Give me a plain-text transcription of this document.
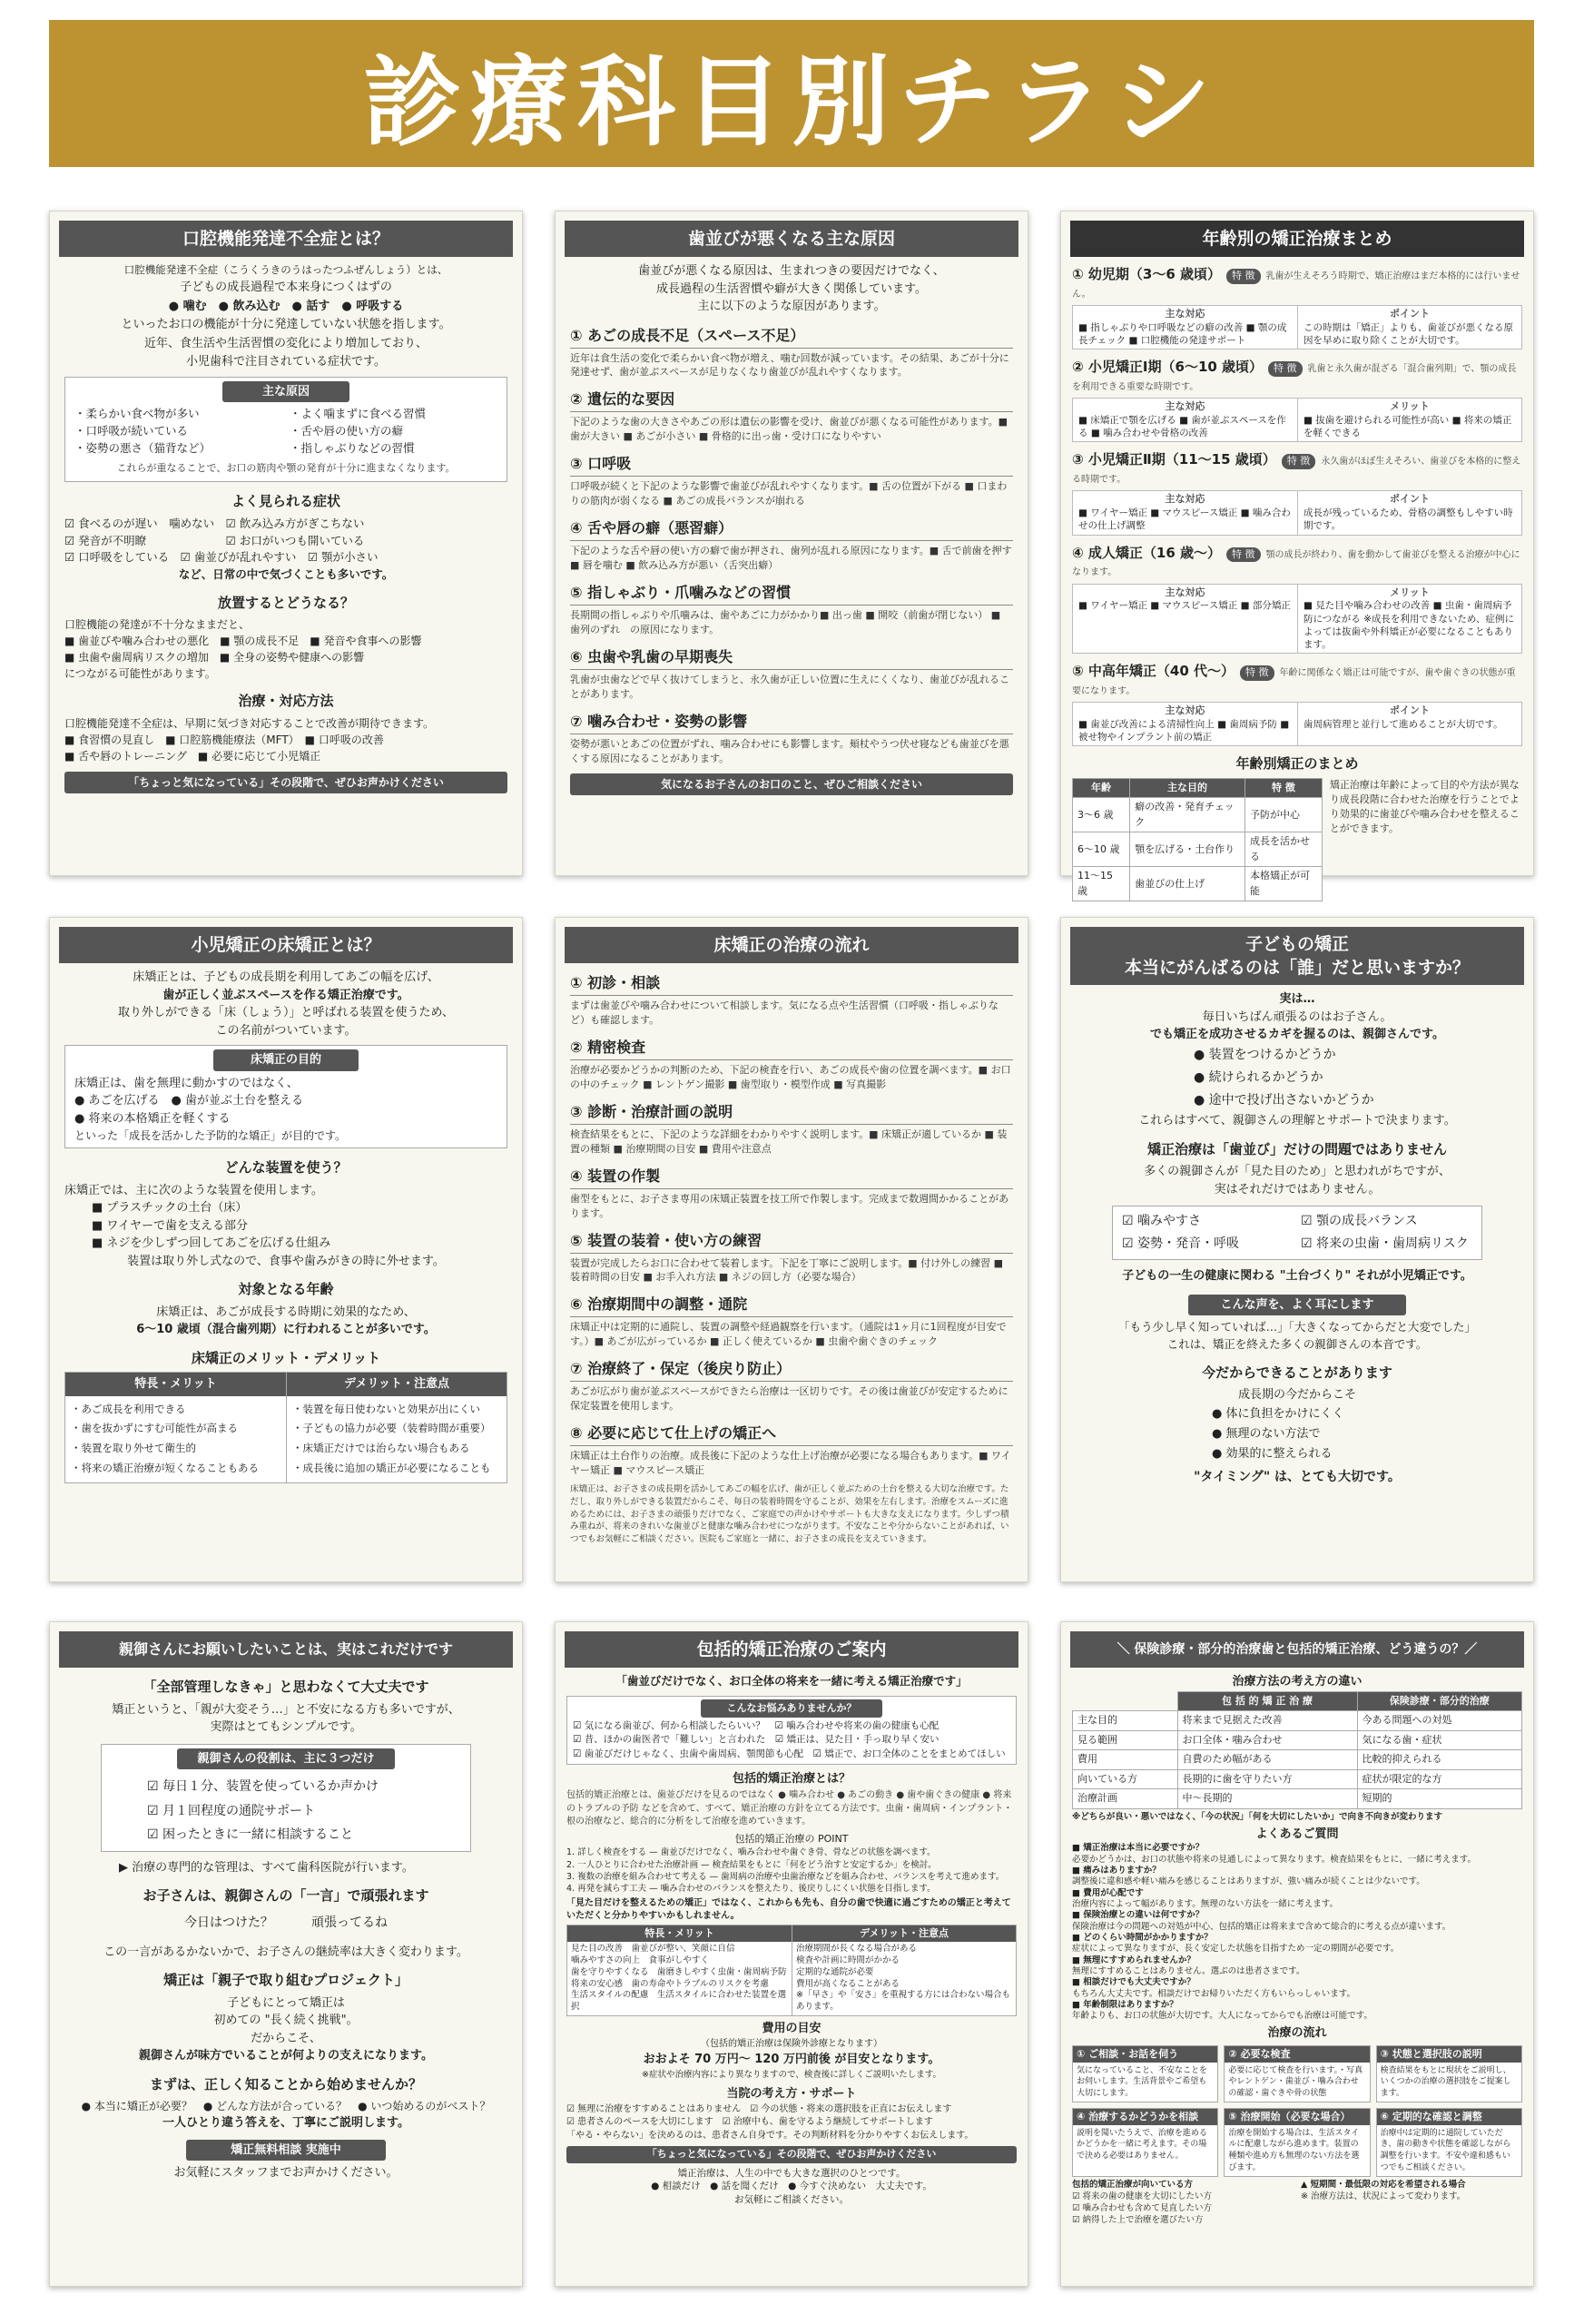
診療科目別チラシ
口腔機能発達不全症とは？
口腔機能発達不全症（こうくうきのうはったつふぜんしょう）とは、
子どもの成長過程で本来身につくはずの
● 噛む　● 飲み込む　● 話す　● 呼吸する
といったお口の機能が十分に発達していない状態を指します。
近年、食生活や生活習慣の変化により増加しており、
小児歯科で注目されている症状です。
主な原因
・柔らかい食べ物が多い	・よく噛まずに食べる習慣
・口呼吸が続いている	・舌や唇の使い方の癖
・姿勢の悪さ（猫背など）	・指しゃぶりなどの習慣
これらが重なることで、お口の筋肉や顎の発育が十分に進まなくなります。
よく見られる症状
☑ 食べるのが遅い　噛めない　☑ 飲み込み方がぎこちない
☑ 発音が不明瞭　　　　　　　☑ お口がいつも開いている
☑ 口呼吸をしている　☑ 歯並びが乱れやすい　☑ 顎が小さい
など、日常の中で気づくことも多いです。
放置するとどうなる？
口腔機能の発達が不十分なままだと、
■ 歯並びや噛み合わせの悪化　■ 顎の成長不足　■ 発音や食事への影響
■ 虫歯や歯周病リスクの増加　■ 全身の姿勢や健康への影響
につながる可能性があります。
治療・対応方法
口腔機能発達不全症は、早期に気づき対応することで改善が期待できます。
■ 食習慣の見直し　■ 口腔筋機能療法（MFT）　■ 口呼吸の改善
■ 舌や唇のトレーニング　■ 必要に応じて小児矯正
「ちょっと気になっている」その段階で、ぜひお声かけください
歯並びが悪くなる主な原因
歯並びが悪くなる原因は、生まれつきの要因だけでなく、
成長過程の生活習慣や癖が大きく関係しています。
主に以下のような原因があります。
① あごの成長不足（スペース不足）
近年は食生活の変化で柔らかい食べ物が増え、噛む回数が減っています。その結果、あごが十分に発達せず、歯が並ぶスペースが足りなくなり歯並びが乱れやすくなります。
② 遺伝的な要因
下記のような歯の大きさやあごの形は遺伝の影響を受け、歯並びが悪くなる可能性があります。■ 歯が大きい ■ あごが小さい ■ 骨格的に出っ歯・受け口になりやすい
③ 口呼吸
口呼吸が続くと下記のような影響で歯並びが乱れやすくなります。■ 舌の位置が下がる ■ 口まわりの筋肉が弱くなる ■ あごの成長バランスが崩れる
④ 舌や唇の癖（悪習癖）
下記のような舌や唇の使い方の癖で歯が押され、歯列が乱れる原因になります。■ 舌で前歯を押す ■ 唇を噛む ■ 飲み込み方が悪い（舌突出癖）
⑤ 指しゃぶり・爪噛みなどの習慣
長期間の指しゃぶりや爪噛みは、歯やあごに力がかかり■ 出っ歯 ■ 開咬（前歯が閉じない） ■ 歯列のずれ　の原因になります。
⑥ 虫歯や乳歯の早期喪失
乳歯が虫歯などで早く抜けてしまうと、永久歯が正しい位置に生えにくくなり、歯並びが乱れることがあります。
⑦ 噛み合わせ・姿勢の影響
姿勢が悪いとあごの位置がずれ、噛み合わせにも影響します。頬杖やうつ伏せ寝なども歯並びを悪くする原因になることがあります。
気になるお子さんのお口のこと、ぜひご相談ください
年齢別の矯正治療まとめ
① 幼児期（3〜6 歳頃） 特 徴 乳歯が生えそろう時期で、矯正治療はまだ本格的には行いません。
主な対応
■ 指しゃぶりや口呼吸などの癖の改善 ■ 顎の成長チェック ■ 口腔機能の発達サポート
ポイント
この時期は「矯正」よりも、歯並びが悪くなる原因を早めに取り除くことが大切です。
② 小児矯正Ⅰ期（6〜10 歳頃） 特 徴 乳歯と永久歯が混ざる「混合歯列期」で、顎の成長を利用できる重要な時期です。
主な対応
■ 床矯正で顎を広げる ■ 歯が並ぶスペースを作る ■ 噛み合わせや骨格の改善
メリット
■ 抜歯を避けられる可能性が高い ■ 将来の矯正を軽くできる
③ 小児矯正Ⅱ期（11〜15 歳頃） 特 徴 永久歯がほぼ生えそろい、歯並びを本格的に整える時期です。
主な対応
■ ワイヤー矯正 ■ マウスピース矯正 ■ 噛み合わせの仕上げ調整
ポイント
成長が残っているため、骨格の調整もしやすい時期です。
④ 成人矯正（16 歳〜） 特 徴 顎の成長が終わり、歯を動かして歯並びを整える治療が中心になります。
主な対応
■ ワイヤー矯正 ■ マウスピース矯正 ■ 部分矯正
メリット
■ 見た目や噛み合わせの改善 ■ 虫歯・歯周病予防につながる ※成長を利用できないため、症例によっては抜歯や外科矯正が必要になることもあります。
⑤ 中高年矯正（40 代〜） 特 徴 年齢に関係なく矯正は可能ですが、歯や歯ぐきの状態が重要になります。
主な対応
■ 歯並び改善による清掃性向上 ■ 歯周病予防 ■ 被せ物やインプラント前の矯正
ポイント
歯周病管理と並行して進めることが大切です。
年齢別矯正のまとめ
年齢	主な目的	特 徴
3〜6 歳	癖の改善・発育チェック	予防が中心
6〜10 歳	顎を広げる・土台作り	成長を活かせる
11〜15 歳	歯並びの仕上げ	本格矯正が可能
矯正治療は年齢によって目的や方法が異なり成長段階に合わせた治療を行うことでより効果的に歯並びや噛み合わせを整えることができます。
小児矯正の床矯正とは？
床矯正とは、子どもの成長期を利用してあごの幅を広げ、
歯が正しく並ぶスペースを作る矯正治療です。
取り外しができる「床（しょう）」と呼ばれる装置を使うため、
この名前がついています。
床矯正の目的
床矯正は、歯を無理に動かすのではなく、
● あごを広げる　● 歯が並ぶ土台を整える
● 将来の本格矯正を軽くする
といった「成長を活かした予防的な矯正」が目的です。
どんな装置を使う？
床矯正では、主に次のような装置を使用します。
■ プラスチックの土台（床）
■ ワイヤーで歯を支える部分
■ ネジを少しずつ回してあごを広げる仕組み
装置は取り外し式なので、食事や歯みがきの時に外せます。
対象となる年齢
床矯正は、あごが成長する時期に効果的なため、
6〜10 歳頃（混合歯列期）に行われることが多いです。
床矯正のメリット・デメリット
特長・メリット
・あご成長を利用できる
・歯を抜かずにすむ可能性が高まる
・装置を取り外せて衛生的
・将来の矯正治療が短くなることもある
デメリット・注意点
・装置を毎日使わないと効果が出にくい
・子どもの協力が必要（装着時間が重要）
・床矯正だけでは治らない場合もある
・成長後に追加の矯正が必要になることも
床矯正の治療の流れ
① 初診・相談
まずは歯並びや噛み合わせについて相談します。気になる点や生活習慣（口呼吸・指しゃぶりなど）も確認します。
② 精密検査
治療が必要かどうかの判断のため、下記の検査を行い、あごの成長や歯の位置を調べます。■ お口の中のチェック ■ レントゲン撮影 ■ 歯型取り・模型作成 ■ 写真撮影
③ 診断・治療計画の説明
検査結果をもとに、下記のような詳細をわかりやすく説明します。■ 床矯正が適しているか ■ 装置の種類 ■ 治療期間の目安 ■ 費用や注意点
④ 装置の作製
歯型をもとに、お子さま専用の床矯正装置を技工所で作製します。完成まで数週間かかることがあります。
⑤ 装置の装着・使い方の練習
装置が完成したらお口に合わせて装着します。下記を丁寧にご説明します。■ 付け外しの練習 ■ 装着時間の目安 ■ お手入れ方法 ■ ネジの回し方（必要な場合）
⑥ 治療期間中の調整・通院
床矯正中は定期的に通院し、装置の調整や経過観察を行います。（通院は1ヶ月に1回程度が目安です。）■ あごが広がっているか ■ 正しく使えているか ■ 虫歯や歯ぐきのチェック
⑦ 治療終了・保定（後戻り防止）
あごが広がり歯が並ぶスペースができたら治療は一区切りです。その後は歯並びが安定するために保定装置を使用します。
⑧ 必要に応じて仕上げの矯正へ
床矯正は土台作りの治療。成長後に下記のような仕上げ治療が必要になる場合もあります。■ ワイヤー矯正 ■ マウスピース矯正
床矯正は、お子さまの成長期を活かしてあごの幅を広げ、歯が正しく並ぶための土台を整える大切な治療です。ただし、取り外しができる装置だからこそ、毎日の装着時間を守ることが、効果を左右します。治療をスムーズに進めるためには、お子さまの頑張りだけでなく、ご家庭での声かけやサポートも大きな支えになります。少しずつ積み重ねが、将来のきれいな歯並びと健康な噛み合わせにつながります。不安なことや分からないことがあれば、いつでもお気軽にご相談ください。医院もご家庭と一緒に、お子さまの成長を支えていきます。
子どもの矯正
本当にがんばるのは「誰」だと思いますか？
実は…
毎日いちばん頑張るのはお子さん。
でも矯正を成功させるカギを握るのは、親御さんです。
● 装置をつけるかどうか
● 続けられるかどうか
● 途中で投げ出さないかどうか
これらはすべて、親御さんの理解とサポートで決まります。
矯正治療は「歯並び」だけの問題ではありません
多くの親御さんが「見た目のため」と思われがちですが、
実はそれだけではありません。
☑ 噛みやすさ	☑ 顎の成長バランス
☑ 姿勢・発音・呼吸	☑ 将来の虫歯・歯周病リスク
子どもの一生の健康に関わる "土台づくり" それが小児矯正です。
こんな声を、よく耳にします
「もう少し早く知っていれば…」「大きくなってからだと大変でした」
これは、矯正を終えた多くの親御さんの本音です。
今だからできることがあります
成長期の今だからこそ
● 体に負担をかけにくく
● 無理のない方法で
● 効果的に整えられる
"タイミング" は、とても大切です。
親御さんにお願いしたいことは、実はこれだけです
「全部管理しなきゃ」と思わなくて大丈夫です
矯正というと、「親が大変そう…」と不安になる方も多いですが、
実際はとてもシンプルです。
親御さんの役割は、主に３つだけ
☑ 毎日１分、装置を使っているか声かけ
☑ 月１回程度の通院サポート
☑ 困ったときに一緒に相談すること
▶ 治療の専門的な管理は、すべて歯科医院が行います。
お子さんは、親御さんの「一言」で頑張れます
今日はつけた？　　　頑張ってるね
この一言があるかないかで、お子さんの継続率は大きく変わります。
矯正は「親子で取り組むプロジェクト」
子どもにとって矯正は
初めての "長く続く挑戦"。
だからこそ、
親御さんが味方でいることが何よりの支えになります。
まずは、正しく知ることから始めませんか？
● 本当に矯正が必要？　● どんな方法が合っている？　● いつ始めるのがベスト？
一人ひとり違う答えを、丁寧にご説明します。
矯正無料相談 実施中
お気軽にスタッフまでお声かけください。
包括的矯正治療のご案内
「歯並びだけでなく、お口全体の将来を一緒に考える矯正治療です」
こんなお悩みありませんか？
☑ 気になる歯並び、何から相談したらいい？　☑ 噛み合わせや将来の歯の健康も心配
☑ 昔、ほかの歯医者で「難しい」と言われた　☑ 矯正は、見た目・手っ取り早く安い
☑ 歯並びだけじゃなく、虫歯や歯周病、顎関節も心配　☑ 矯正で、お口全体のことをまとめてほしい
包括的矯正治療とは？
包括的矯正治療とは、歯並びだけを見るのではなく ● 噛み合わせ ● あごの動き ● 歯や歯ぐきの健康 ● 将来のトラブルの予防 などを含めて、すべて、矯正治療の方針を立てる方法です。虫歯・歯周病・インプラント・根の治療など、総合的に分析をして治療を進めていきます。
包括的矯正治療の POINT
1. 詳しく検査をする — 歯並びだけでなく、噛み合わせや歯ぐき骨、骨などの状態を調べます。
2. 一人ひとりに合わせた治療計画 — 検査結果をもとに「何をどう治すと安定するか」を検討。
3. 複数の治療を組み合わせて考える — 歯周病の治療や虫歯治療などを組み合わせ、バランスを考えて進めます。
4. 再発を減らす工夫 — 噛み合わせのバランスを整えたり、後戻りしにくい状態を目指します。
「見た目だけを整えるための矯正」ではなく、これからも先も、自分の歯で快適に過ごすための矯正と考えていただくと分かりやすいかもしれません。
特長・メリット
見た目の改善　歯並びが整い、笑顔に自信
噛みやすさの向上　食事がしやすく
歯を守りやすくなる　歯磨きしやすく虫歯・歯周病予防
将来の安心感　歯の寿命やトラブルのリスクを考慮
生活スタイルの配慮　生活スタイルに合わせた装置を選択
デメリット・注意点
治療期間が長くなる場合がある
検査や計画に時間がかかる
定期的な通院が必要
費用が高くなることがある
※「早さ」や「安さ」を重視する方には合わない場合もあります。
費用の目安
（包括的矯正治療は保険外診療となります）
おおよそ 70 万円〜 120 万円前後 が目安となります。
※症状や治療内容により異なりますので、検査後に詳しくご説明いたします。
当院の考え方・サポート
☑ 無理に治療をすすめることはありません　☑ 今の状態・将来の選択肢を正直にお伝えします
☑ 患者さんのペースを大切にします　☑ 治療中も、歯を守るよう継続してサポートします
「やる・やらない」を決めるのは、患者さん自身です。その判断材料を分かりやすくお伝えします。
「ちょっと気になっている」その段階で、ぜひお声かけください
矯正治療は、人生の中でも大きな選択のひとつです。
● 相談だけ　● 話を聞くだけ　● 今すぐ決めない　大丈夫です。
お気軽にご相談ください。
＼ 保険診療・部分的治療歯と包括的矯正治療、どう違うの？／
治療方法の考え方の違い
	包 括 的 矯 正 治 療	保険診療・部分的治療
主な目的	将来まで見据えた改善	今ある問題への対処
見る範囲	お口全体・噛み合わせ	気になる歯・症状
費用	自費のため幅がある	比較的抑えられる
向いている方	長期的に歯を守りたい方	症状が限定的な方
治療計画	中〜長期的	短期的
※どちらが良い・悪いではなく、「今の状況」「何を大切にしたいか」で向き不向きが変わります
よくあるご質問
■ 矯正治療は本当に必要ですか？
必要かどうかは、お口の状態や将来の見通しによって異なります。検査結果をもとに、一緒に考えます。
■ 痛みはありますか？
調整後に違和感や軽い痛みを感じることはありますが、強い痛みが続くことは少ないです。
■ 費用が心配です
治療内容によって幅があります。無理のない方法を一緒に考えます。
■ 保険治療との違いは何ですか？
保険治療は今の問題への対処が中心、包括的矯正は将来まで含めて総合的に考える点が違います。
■ どのくらい時間がかかりますか？
症状によって異なりますが、長く安定した状態を目指すため一定の期間が必要です。
■ 無理にすすめられませんか？
無理にすすめることはありません。選ぶのは患者さまです。
■ 相談だけでも大丈夫ですか？
もちろん大丈夫です。相談だけでお帰りいただく方もいらっしゃいます。
■ 年齢制限はありますか？
年齢よりも、お口の状態が大切です。大人になってからでも治療は可能です。
治療の流れ
① ご相談・お話を伺う
気になっていること、不安なことをお伺いします。生活背景やご希望も大切にします。
② 必要な検査
必要に応じて検査を行います。・写真やレントゲン・歯並び・噛み合わせの確認・歯ぐきや骨の状態
③ 状態と選択肢の説明
検査結果をもとに現状をご説明し、いくつかの治療の選択肢をご提案します。
④ 治療するかどうかを相談
説明を聞いたうえで、治療を進めるかどうかを一緒に考えます。その場で決める必要はありません。
⑤ 治療開始（必要な場合）
治療を開始する場合は、生活スタイルに配慮しながら進めます。装置の種類や進め方も無理のない方法を選びます。
⑥ 定期的な確認と調整
治療中は定期的に通院していただき、歯の動きや状態を確認しながら調整を行います。不安や違和感もいつでもご相談ください。
包括的矯正治療が向いている方
☑ 将来の歯の健康を大切にしたい方
☑ 噛み合わせも含めて見直したい方
☑ 納得した上で治療を選びたい方
▲ 短期間・最低限の対応を希望される場合
※ 治療方法は、状況によって変わります。
